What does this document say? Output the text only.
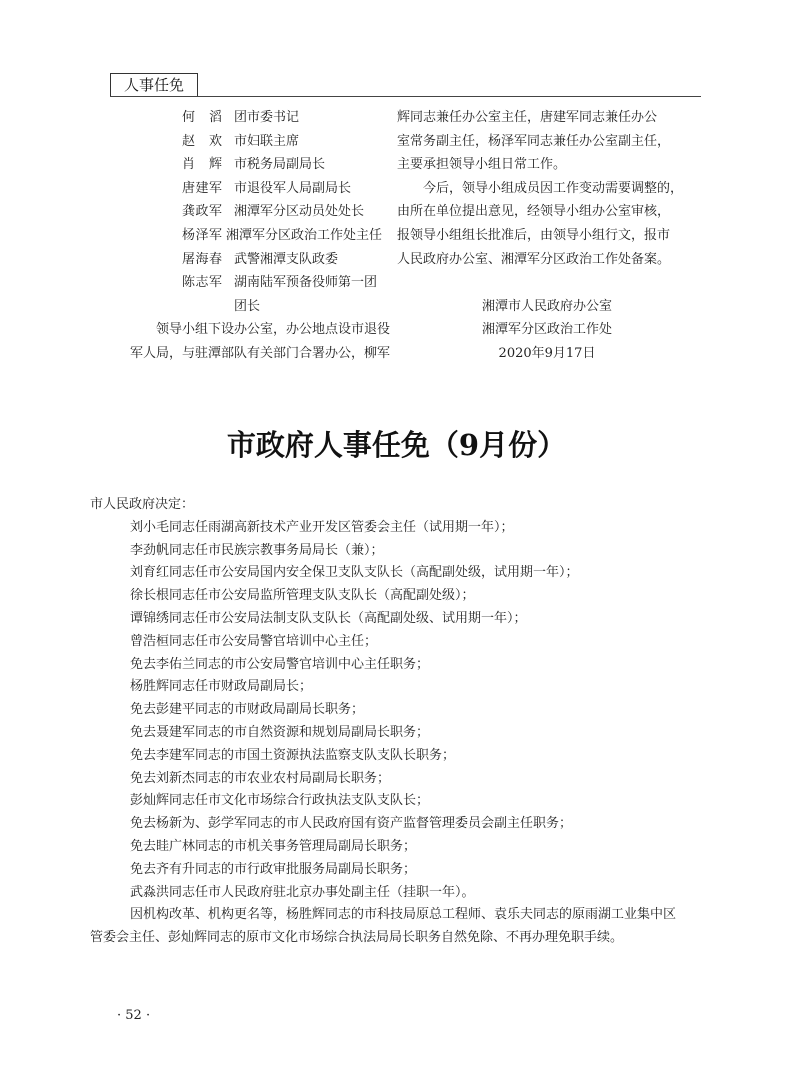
人事任免
何　滔 团市委书记
赵　欢 市妇联主席
肖　辉 市税务局副局长
唐建军 市退役军人局副局长
龚政军 湘潭军分区动员处处长
杨泽军 湘潭军分区政治工作处主任
屠海春 武警湘潭支队政委
陈志军 湖南陆军预备役师第一团
团长
　　领导小组下设办公室，办公地点设市退役
军人局，与驻潭部队有关部门合署办公，柳军
辉同志兼任办公室主任，唐建军同志兼任办公
室常务副主任，杨泽军同志兼任办公室副主任，
主要承担领导小组日常工作。
　　今后，领导小组成员因工作变动需要调整的，
由所在单位提出意见，经领导小组办公室审核，
报领导小组组长批准后，由领导小组行文，报市
人民政府办公室、湘潭军分区政治工作处备案。
湘潭市人民政府办公室
湘潭军分区政治工作处
2020年9月17日
市政府人事任免（9月份）
市人民政府决定：
刘小毛同志任雨湖高新技术产业开发区管委会主任（试用期一年）；
李劲帆同志任市民族宗教事务局局长（兼）；
刘育红同志任市公安局国内安全保卫支队支队长（高配副处级，试用期一年）；
徐长根同志任市公安局监所管理支队支队长（高配副处级）；
谭锦绣同志任市公安局法制支队支队长（高配副处级、试用期一年）；
曾浩桓同志任市公安局警官培训中心主任；
免去李佑兰同志的市公安局警官培训中心主任职务；
杨胜辉同志任市财政局副局长；
免去彭建平同志的市财政局副局长职务；
免去聂建军同志的市自然资源和规划局副局长职务；
免去李建军同志的市国土资源执法监察支队支队长职务；
免去刘新杰同志的市农业农村局副局长职务；
彭灿辉同志任市文化市场综合行政执法支队支队长；
免去杨新为、彭学军同志的市人民政府国有资产监督管理委员会副主任职务；
免去眭广林同志的市机关事务管理局副局长职务；
免去齐有升同志的市行政审批服务局副局长职务；
武淼洪同志任市人民政府驻北京办事处副主任（挂职一年）。
因机构改革、机构更名等，杨胜辉同志的市科技局原总工程师、袁乐夫同志的原雨湖工业集中区
管委会主任、彭灿辉同志的原市文化市场综合执法局局长职务自然免除、不再办理免职手续。
· 52 ·
